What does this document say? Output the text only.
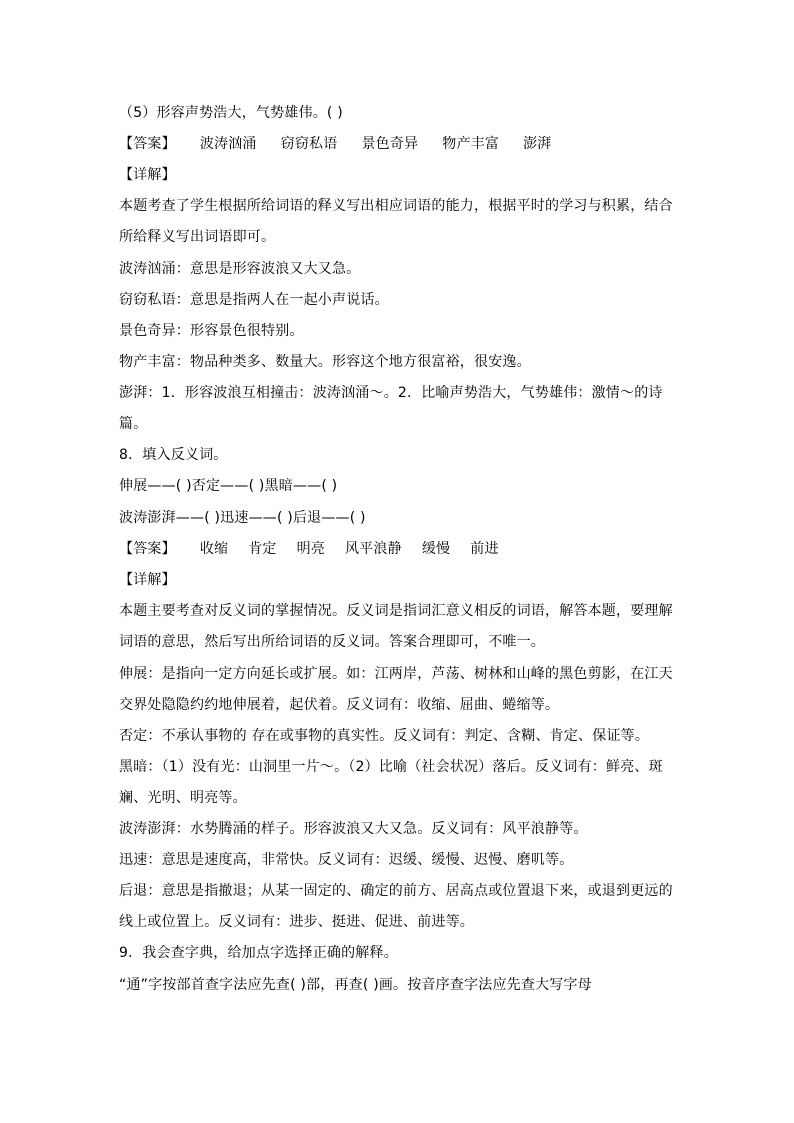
（5）形容声势浩大，气势雄伟。( )
【答案】 波涛汹涌 窃窃私语 景色奇异 物产丰富 澎湃
【详解】
本题考查了学生根据所给词语的释义写出相应词语的能力，根据平时的学习与积累，结合
所给释义写出词语即可。
波涛汹涌：意思是形容波浪又大又急。
窃窃私语：意思是指两人在一起小声说话。
景色奇异：形容景色很特别。
物产丰富：物品种类多、数量大。形容这个地方很富裕，很安逸。
澎湃：1．形容波浪互相撞击：波涛汹涌～。2．比喻声势浩大，气势雄伟：激情～的诗
篇。
8．填入反义词。
伸展——( )否定——( )黑暗——( )
波涛澎湃——( )迅速——( )后退——( )
【答案】 收缩 肯定 明亮 风平浪静 缓慢 前进
【详解】
本题主要考查对反义词的掌握情况。反义词是指词汇意义相反的词语，解答本题，要理解
词语的意思，然后写出所给词语的反义词。答案合理即可，不唯一。
伸展：是指向一定方向延长或扩展。如：江两岸，芦荡、树林和山峰的黑色剪影，在江天
交界处隐隐约约地伸展着，起伏着。反义词有：收缩、屈曲、蜷缩等。
否定：不承认事物的 存在或事物的真实性。反义词有：判定、含糊、肯定、保证等。
黑暗：（1）没有光：山洞里一片～。（2）比喻（社会状况）落后。反义词有：鲜亮、斑
斓、光明、明亮等。
波涛澎湃：水势腾涌的样子。形容波浪又大又急。反义词有：风平浪静等。
迅速：意思是速度高，非常快。反义词有：迟缓、缓慢、迟慢、磨叽等。
后退：意思是指撤退；从某一固定的、确定的前方、居高点或位置退下来，或退到更远的
线上或位置上。反义词有：进步、挺进、促进、前进等。
9．我会查字典，给加点字选择正确的解释。
“通”字按部首查字法应先查( )部，再查( )画。按音序查字法应先查大写字母
